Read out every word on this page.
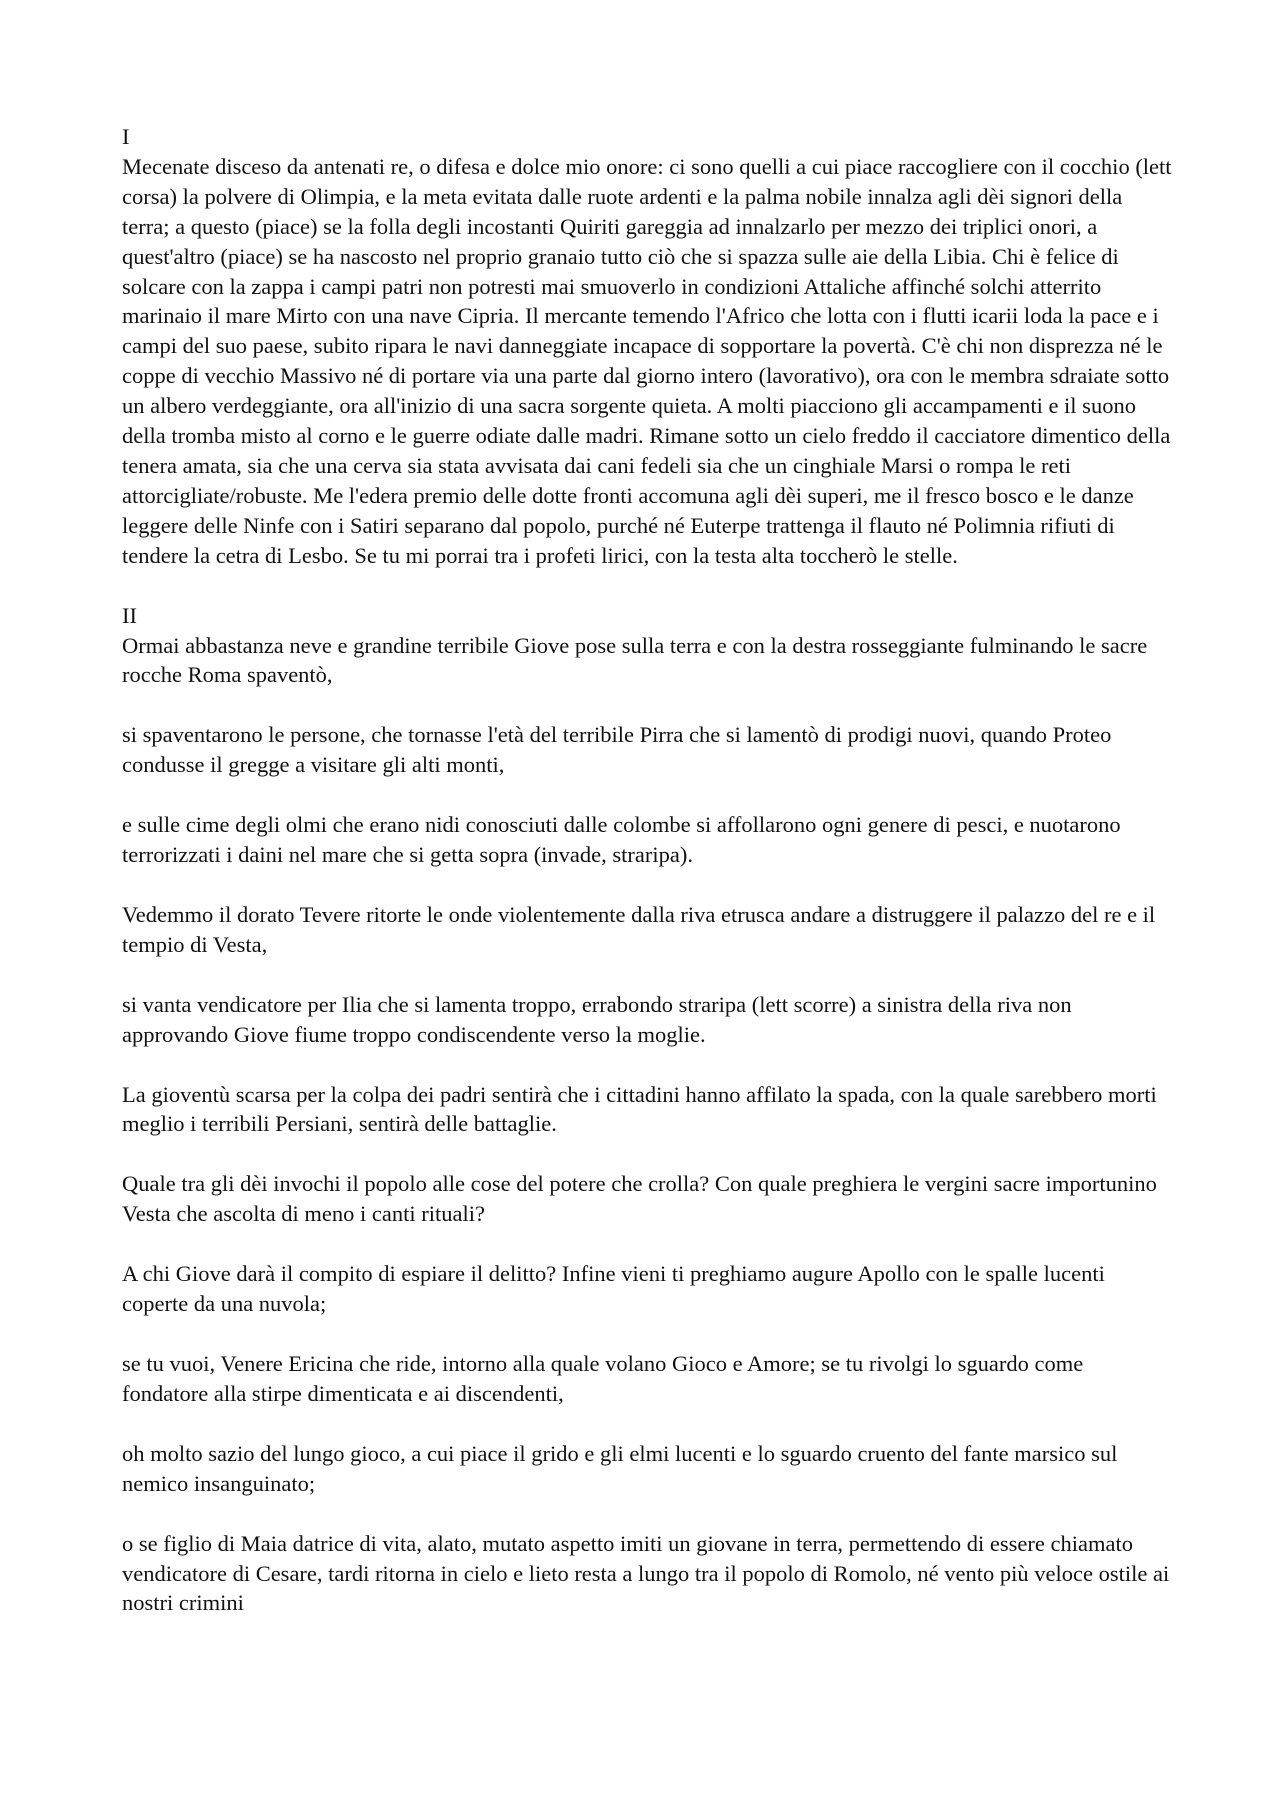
I

Mecenate disceso da antenati re, o difesa e dolce mio onore: ci sono quelli a cui piace raccogliere con il cocchio (lett corsa) la polvere di Olimpia, e la meta evitata dalle ruote ardenti e la palma nobile innalza agli dèi signori della terra; a questo (piace) se la folla degli incostanti Quiriti gareggia ad innalzarlo per mezzo dei triplici onori, a quest'altro (piace) se ha nascosto nel proprio granaio tutto ciò che si spazza sulle aie della Libia. Chi è felice di solcare con la zappa i campi patri non potresti mai smuoverlo in condizioni Attaliche affinché solchi atterrito marinaio il mare Mirto con una nave Cipria. Il mercante temendo l'Africo che lotta con i flutti icarii loda la pace e i campi del suo paese, subito ripara le navi danneggiate incapace di sopportare la povertà. C'è chi non disprezza né le coppe di vecchio Massivo né di portare via una parte dal giorno intero (lavorativo), ora con le membra sdraiate sotto un albero verdeggiante, ora all'inizio di una sacra sorgente quieta. A molti piacciono gli accampamenti e il suono della tromba misto al corno e le guerre odiate dalle madri. Rimane sotto un cielo freddo il cacciatore dimentico della tenera amata, sia che una cerva sia stata avvisata dai cani fedeli sia che un cinghiale Marsi o rompa le reti attorcigliate/robuste. Me l'edera premio delle dotte fronti accomuna agli dèi superi, me il fresco bosco e le danze leggere delle Ninfe con i Satiri separano dal popolo, purché né Euterpe trattenga il flauto né Polimnia rifiuti di tendere la cetra di Lesbo. Se tu mi porrai tra i profeti lirici, con la testa alta toccherò le stelle.

II

Ormai abbastanza neve e grandine terribile Giove pose sulla terra e con la destra rosseggiante fulminando le sacre rocche Roma spaventò,

si spaventarono le persone, che tornasse l'età del terribile Pirra che si lamentò di prodigi nuovi, quando Proteo condusse il gregge a visitare gli alti monti,

e sulle cime degli olmi che erano nidi conosciuti dalle colombe si affollarono ogni genere di pesci, e nuotarono terrorizzati i daini nel mare che si getta sopra (invade, straripa).

Vedemmo il dorato Tevere ritorte le onde violentemente dalla riva etrusca andare a distruggere il palazzo del re e il tempio di Vesta,

si vanta vendicatore per Ilia che si lamenta troppo, errabondo straripa (lett scorre) a sinistra della riva non approvando Giove fiume troppo condiscendente verso la moglie.

La gioventù scarsa per la colpa dei padri sentirà che i cittadini hanno affilato la spada, con la quale sarebbero morti meglio i terribili Persiani, sentirà delle battaglie.

Quale tra gli dèi invochi il popolo alle cose del potere che crolla? Con quale preghiera le vergini sacre importunino Vesta che ascolta di meno i canti rituali?

A chi Giove darà il compito di espiare il delitto? Infine vieni ti preghiamo augure Apollo con le spalle lucenti coperte da una nuvola;

se tu vuoi, Venere Ericina che ride, intorno alla quale volano Gioco e Amore; se tu rivolgi lo sguardo come fondatore alla stirpe dimenticata e ai discendenti,

oh molto sazio del lungo gioco, a cui piace il grido e gli elmi lucenti e lo sguardo cruento del fante marsico sul nemico insanguinato;

o se figlio di Maia datrice di vita, alato, mutato aspetto imiti un giovane in terra, permettendo di essere chiamato vendicatore di Cesare, tardi ritorna in cielo e lieto resta a lungo tra il popolo di Romolo, né vento più veloce ostile ai nostri crimini
